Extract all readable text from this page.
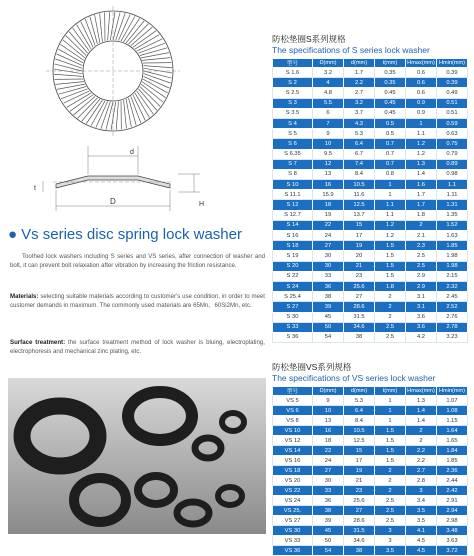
d
D
t
H
● Vs series disc spring lock washer

Toothed lock washers including S series and VS series, after connection of washer and bolt, it can prevent bolt relaxation after vibration by increasing the friction resistance.

Materials: selecting suitable materials according to customer's use condition, in order to meet customer demands in maximum. The commonly used materials are 65Mn、60Si2Mn, etc.

Surface treatment: the surface treatment method of lock washer is bluing, electroplating, electrophoresis and mechanical zinc plating, etc.

防松垫圈S系列规格
The specifications of S series lock washer
型号	D(mm)	d(mm)	t(mm)	Hmax(mm)	Hmin(mm)
S 1.6	3.2	1.7	0.35	0.6	0.39
S 2	4	2.2	0.35	0.6	0.39
S 2.5	4.8	2.7	0.45	0.6	0.49
S 3	5.5	3.2	0.45	0.9	0.51
S 3.5	6	3.7	0.45	0.9	0.51
S 4	7	4.3	0.5	1	0.59
S 5	9	5.3	0.5	1.1	0.63
S 6	10	6.4	0.7	1.2	0.75
S 6.35	9.5	6.7	0.7	1.2	0.79
S 7	12	7.4	0.7	1.3	0.89
S 8	13	8.4	0.8	1.4	0.98
S 10	16	10.5	1	1.6	1.1
S 11.1	15.9	11.6	1	1.7	1.11
S 12	18	12.5	1.1	1.7	1.31
S 12.7	19	13.7	1.1	1.8	1.35
S 14	22	15	1.2	2	1.52
S 16	24	17	1.2	2.1	1.63
S 18	27	19	1.5	2.3	1.85
S 19	30	20	1.5	2.5	1.98
S 20	30	21	1.5	2.5	1.98
S 22	33	23	1.5	2.9	2.15
S 24	36	25.6	1.8	2.9	2.32
S 25.4	38	27	2	3.1	2.45
S 27	39	28.6	2	3.1	2.52
S 30	45	31.5	2	3.6	2.76
S 33	50	34.6	2.5	3.6	2.78
S 36	54	38	2.5	4.2	3.23
防松垫圈VS系列规格
The specifications of VS series lock washer
型号	D(mm)	d(mm)	t(mm)	Hmax(mm)	Hmin(mm)
VS 5	9	5.3	1	1.3	1.07
VS 6	10	6.4	1	1.4	1.08
VS 8	13	8.4	1	1.4	1.15
VS 10	16	10.5	1.5	2	1.64
VS 12	18	12.5	1.5	2	1.65
VS 14	22	15	1.5	2.2	1.84
VS 16	24	17	1.5	2.2	1.85
VS 18	27	19	2	2.7	2.36
VS 20	30	21	2	2.8	2.44
VS 22	33	23	2	3	2.42
VS 24	36	25.6	2.5	3.4	2.91
VS 25.	38	27	2.5	3.5	2.94
VS 27	39	28.6	2.5	3.5	2.98
VS 30	45	31.5	3	4.1	3.48
VS 33	50	34.6	3	4.5	3.63
VS 36	54	38	3.5	4.5	3.72
